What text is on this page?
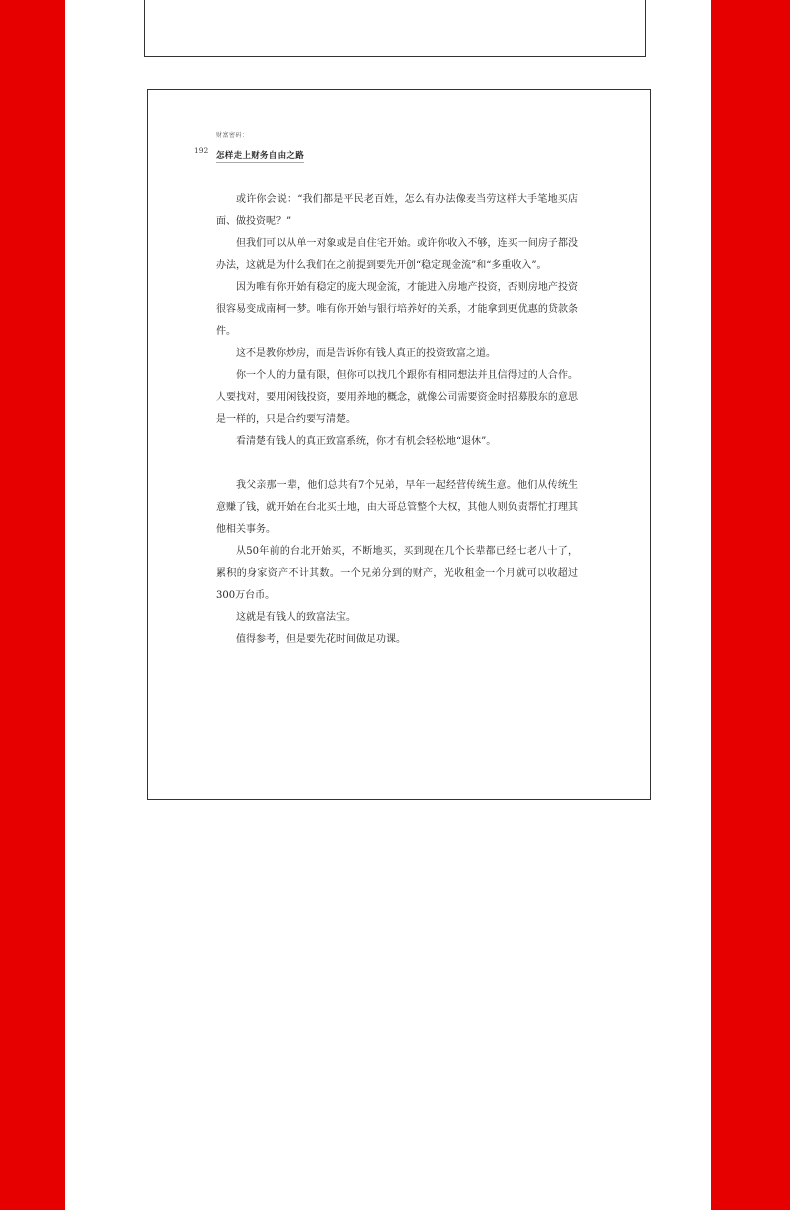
财富密码：
192
怎样走上财务自由之路

或许你会说：“我们都是平民老百姓，怎么有办法像麦当劳这样大手笔地买店面、做投资呢？”

但我们可以从单一对象或是自住宅开始。或许你收入不够，连买一间房子都没办法，这就是为什么我们在之前提到要先开创“稳定现金流”和“多重收入”。

因为唯有你开始有稳定的庞大现金流，才能进入房地产投资，否则房地产投资很容易变成南柯一梦。唯有你开始与银行培养好的关系，才能拿到更优惠的贷款条件。

这不是教你炒房，而是告诉你有钱人真正的投资致富之道。

你一个人的力量有限，但你可以找几个跟你有相同想法并且信得过的人合作。人要找对，要用闲钱投资，要用养地的概念，就像公司需要资金时招募股东的意思是一样的，只是合约要写清楚。

看清楚有钱人的真正致富系统，你才有机会轻松地“退休”。

我父亲那一辈，他们总共有7个兄弟，早年一起经营传统生意。他们从传统生意赚了钱，就开始在台北买土地，由大哥总管整个大权，其他人则负责帮忙打理其他相关事务。

从50年前的台北开始买，不断地买，买到现在几个长辈都已经七老八十了，累积的身家资产不计其数。一个兄弟分到的财产，光收租金一个月就可以收超过300万台币。

这就是有钱人的致富法宝。

值得参考，但是要先花时间做足功课。
